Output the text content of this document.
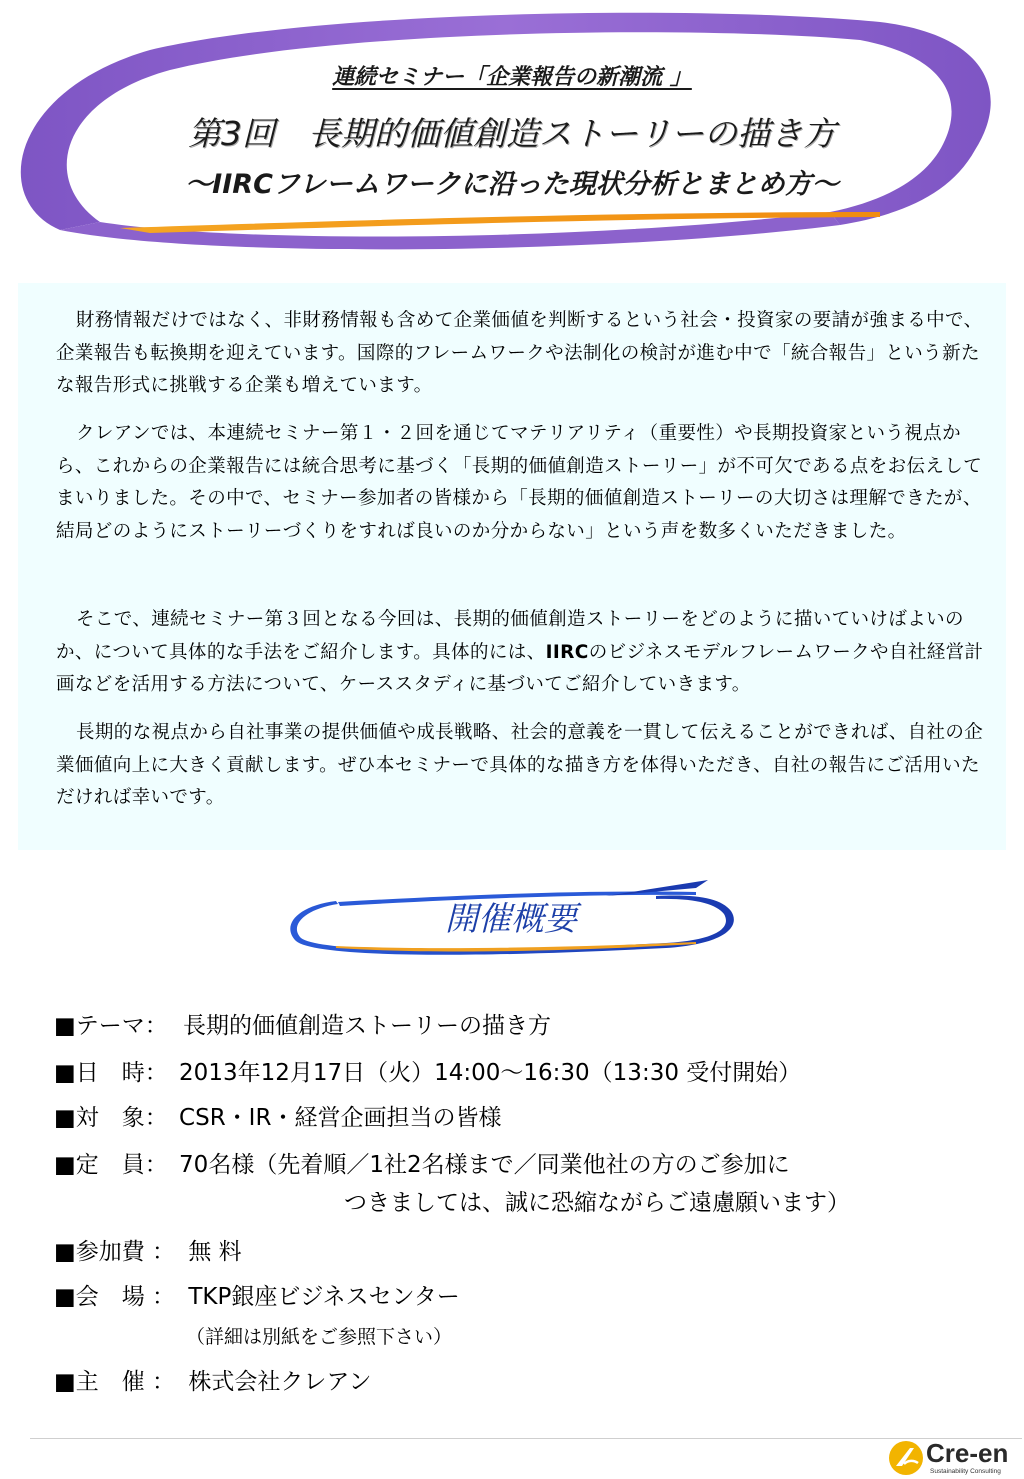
連続セミナー「企業報告の新潮流 」
第3回　長期的価値創造ストーリーの描き方
〜IIRCフレームワークに沿った現状分析とまとめ方〜
財務情報だけではなく、非財務情報も含めて企業価値を判断するという社会・投資家の要請が強まる中で、企業報告も転換期を迎えています。国際的フレームワークや法制化の検討が進む中で「統合報告」という新たな報告形式に挑戦する企業も増えています。
クレアンでは、本連続セミナー第１・２回を通じてマテリアリティ（重要性）や長期投資家という視点から、これからの企業報告には統合思考に基づく「長期的価値創造ストーリー」が不可欠である点をお伝えしてまいりました。その中で、セミナー参加者の皆様から「長期的価値創造ストーリーの大切さは理解できたが、結局どのようにストーリーづくりをすれば良いのか分からない」という声を数多くいただきました。
そこで、連続セミナー第３回となる今回は、長期的価値創造ストーリーをどのように描いていけばよいのか、について具体的な手法をご紹介します。具体的には、IIRCのビジネスモデルフレームワークや自社経営計画などを活用する方法について、ケーススタディに基づいてご紹介していきます。
長期的な視点から自社事業の提供価値や成長戦略、社会的意義を一貫して伝えることができれば、自社の企業価値向上に大きく貢献します。ぜひ本セミナーで具体的な描き方を体得いただき、自社の報告にご活用いただければ幸いです。
開催概要
■テーマ： 長期的価値創造ストーリーの描き方
■日　時： 2013年12月17日（火）14:00〜16:30（13:30 受付開始）
■対　象： CSR・IR・経営企画担当の皆様
■定　員： 70名様（先着順／1社2名様まで／同業他社の方のご参加に
つきましては、誠に恐縮ながらご遠慮願います）
■参加費 ： 無 料
■会　場 ： TKP銀座ビジネスセンター
（詳細は別紙をご参照下さい）
■主　催 ： 株式会社クレアン
Cre-en
Sustainability Consulting
